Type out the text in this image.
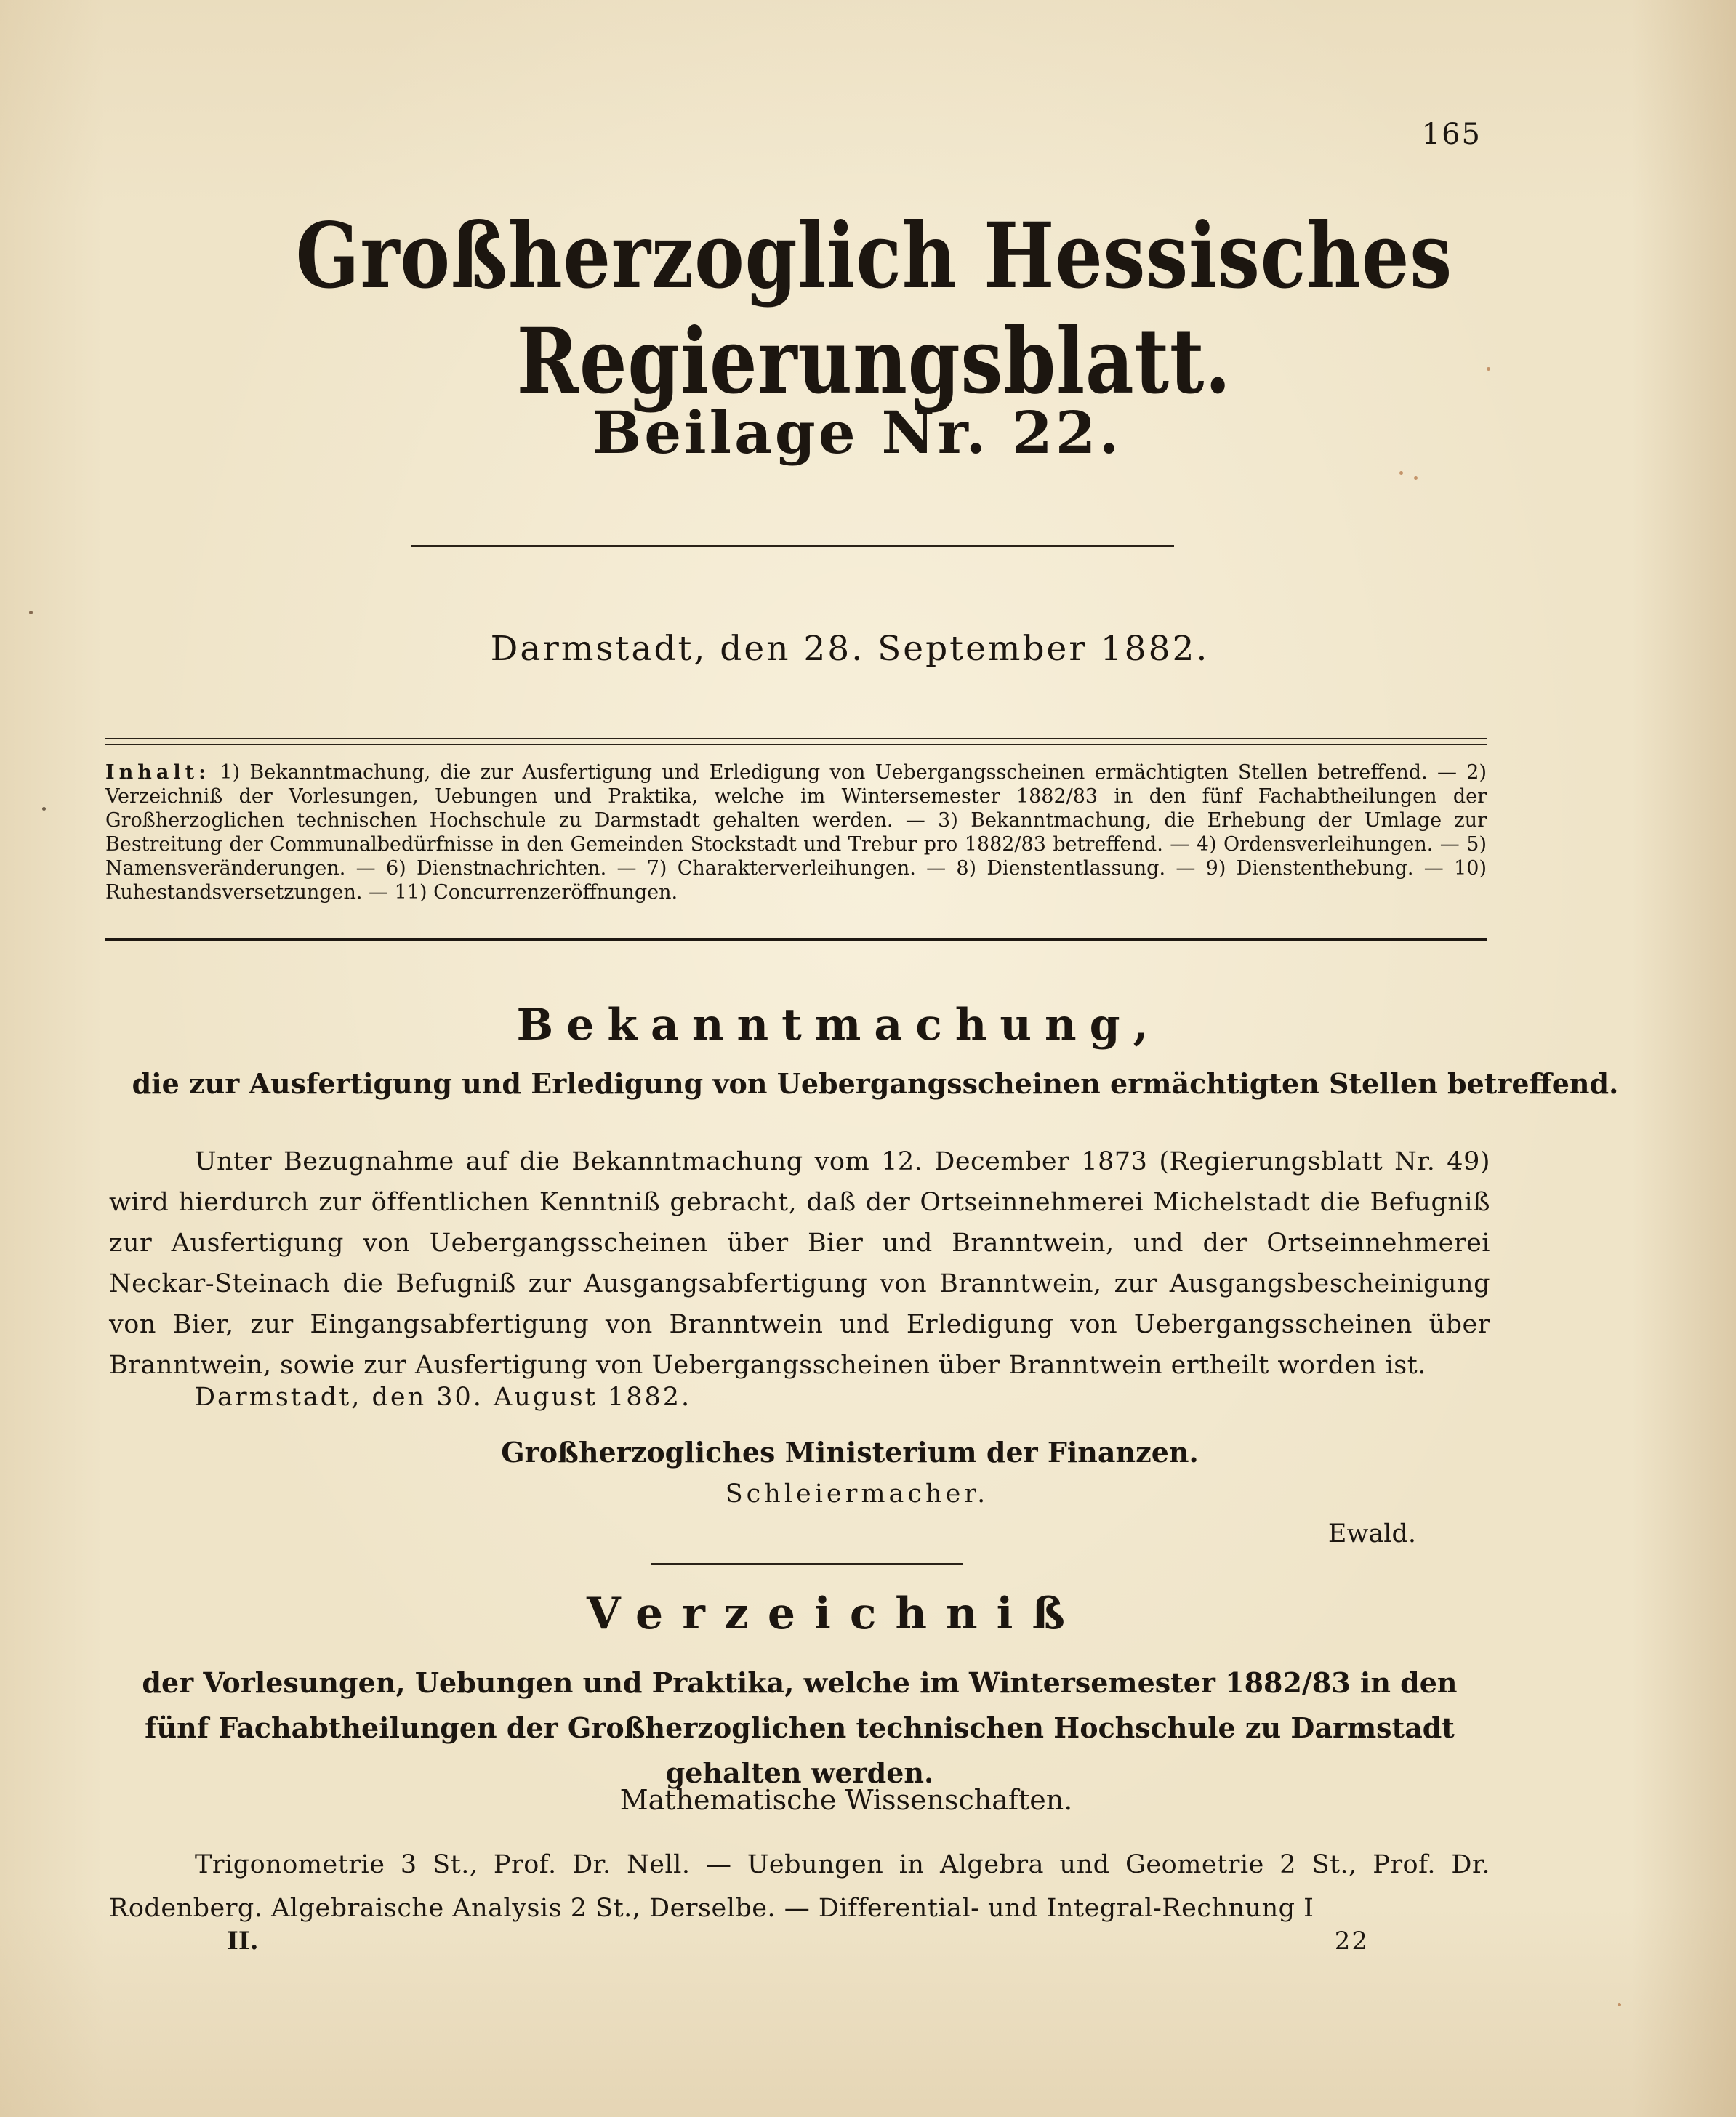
165
Großherzoglich Hessisches Regierungsblatt.
Beilage Nr. 22.
Darmstadt, den 28. September 1882.
Inhalt: 1) Bekanntmachung, die zur Ausfertigung und Erledigung von Uebergangsscheinen ermächtigten Stellen betreffend. — 2) Verzeichniß der Vorlesungen, Uebungen und Praktika, welche im Wintersemester 1882/83 in den fünf Fachabtheilungen der Großherzoglichen technischen Hochschule zu Darmstadt gehalten werden. — 3) Bekanntmachung, die Erhebung der Umlage zur Bestreitung der Communalbedürfnisse in den Gemeinden Stockstadt und Trebur pro 1882/83 betreffend. — 4) Ordensverleihungen. — 5) Namensveränderungen. — 6) Dienstnachrichten. — 7) Charakterverleihungen. — 8) Dienstentlassung. — 9) Dienstenthebung. — 10) Ruhestandsversetzungen. — 11) Concurrenzeröffnungen.
Bekanntmachung,
die zur Ausfertigung und Erledigung von Uebergangsscheinen ermächtigten Stellen betreffend.
Unter Bezugnahme auf die Bekanntmachung vom 12. December 1873 (Regierungsblatt Nr. 49) wird hierdurch zur öffentlichen Kenntniß gebracht, daß der Ortseinnehmerei Michelstadt die Befugniß zur Ausfertigung von Uebergangsscheinen über Bier und Branntwein, und der Ortseinnehmerei Neckar-Steinach die Befugniß zur Ausgangsabfertigung von Branntwein, zur Ausgangsbescheinigung von Bier, zur Eingangsabfertigung von Branntwein und Erledigung von Uebergangsscheinen über Branntwein, sowie zur Ausfertigung von Uebergangsscheinen über Branntwein ertheilt worden ist.
Darmstadt, den 30. August 1882.
Großherzogliches Ministerium der Finanzen.
Schleiermacher.
Ewald.
Verzeichniß
der Vorlesungen, Uebungen und Praktika, welche im Wintersemester 1882/83 in den fünf Fachabtheilungen der Großherzoglichen technischen Hochschule zu Darmstadt gehalten werden.
Mathematische Wissenschaften.
Trigonometrie 3 St., Prof. Dr. Nell. — Uebungen in Algebra und Geometrie 2 St., Prof. Dr. Rodenberg. Algebraische Analysis 2 St., Derselbe. — Differential- und Integral-Rechnung I
II.	22
